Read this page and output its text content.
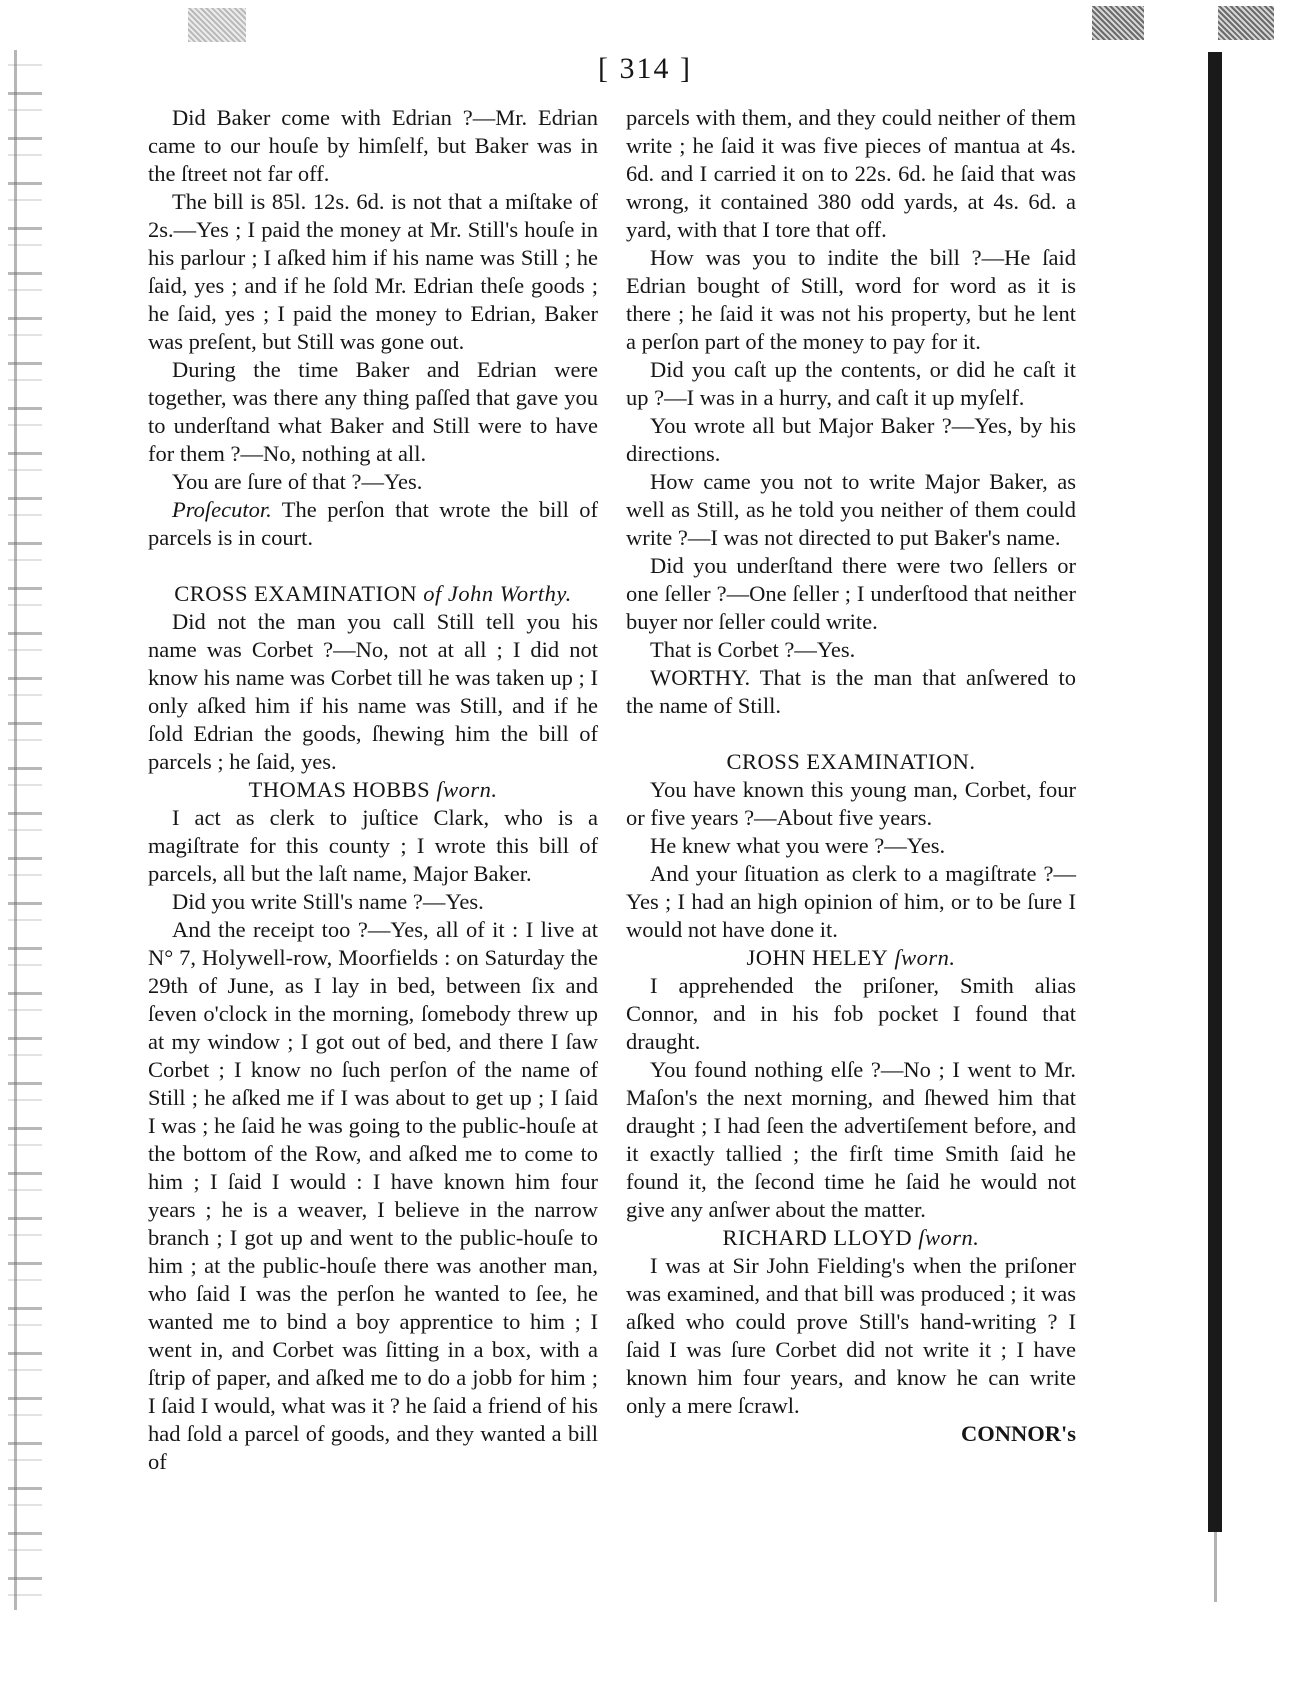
[ 314 ]

Did Baker come with Edrian ?—Mr. Edrian came to our houſe by himſelf, but Baker was in the ſtreet not far off.

The bill is 85l. 12s. 6d. is not that a miſtake of 2s.—Yes ; I paid the money at Mr. Still's houſe in his parlour ; I aſked him if his name was Still ; he ſaid, yes ; and if he ſold Mr. Edrian theſe goods ; he ſaid, yes ; I paid the money to Edrian, Baker was preſent, but Still was gone out.

During the time Baker and Edrian were together, was there any thing paſſed that gave you to underſtand what Baker and Still were to have for them ?—No, nothing at all.

You are ſure of that ?—Yes.

Proſecutor. The perſon that wrote the bill of parcels is in court.

CROSS EXAMINATION of John Worthy.

Did not the man you call Still tell you his name was Corbet ?—No, not at all ; I did not know his name was Corbet till he was taken up ; I only aſked him if his name was Still, and if he ſold Edrian the goods, ſhewing him the bill of parcels ; he ſaid, yes.

THOMAS HOBBS ſworn.

I act as clerk to juſtice Clark, who is a magiſtrate for this county ; I wrote this bill of parcels, all but the laſt name, Major Baker.

Did you write Still's name ?—Yes.

And the receipt too ?—Yes, all of it : I live at N° 7, Holywell-row, Moorfields : on Saturday the 29th of June, as I lay in bed, between ſix and ſeven o'clock in the morning, ſomebody threw up at my window ; I got out of bed, and there I ſaw Corbet ; I know no ſuch perſon of the name of Still ; he aſked me if I was about to get up ; I ſaid I was ; he ſaid he was going to the public-houſe at the bottom of the Row, and aſked me to come to him ; I ſaid I would : I have known him four years ; he is a weaver, I believe in the narrow branch ; I got up and went to the public-houſe to him ; at the public-houſe there was another man, who ſaid I was the perſon he wanted to ſee, he wanted me to bind a boy apprentice to him ; I went in, and Corbet was ſitting in a box, with a ſtrip of paper, and aſked me to do a jobb for him ; I ſaid I would, what was it ? he ſaid a friend of his had ſold a parcel of goods, and they wanted a bill of

parcels with them, and they could neither of them write ; he ſaid it was five pieces of mantua at 4s. 6d. and I carried it on to 22s. 6d. he ſaid that was wrong, it contained 380 odd yards, at 4s. 6d. a yard, with that I tore that off.

How was you to indite the bill ?—He ſaid Edrian bought of Still, word for word as it is there ; he ſaid it was not his property, but he lent a perſon part of the money to pay for it.

Did you caſt up the contents, or did he caſt it up ?—I was in a hurry, and caſt it up myſelf.

You wrote all but Major Baker ?—Yes, by his directions.

How came you not to write Major Baker, as well as Still, as he told you neither of them could write ?—I was not directed to put Baker's name.

Did you underſtand there were two ſellers or one ſeller ?—One ſeller ; I underſtood that neither buyer nor ſeller could write.

That is Corbet ?—Yes.

WORTHY. That is the man that anſwered to the name of Still.

CROSS EXAMINATION.

You have known this young man, Corbet, four or five years ?—About five years.

He knew what you were ?—Yes.

And your ſituation as clerk to a magiſtrate ?—Yes ; I had an high opinion of him, or to be ſure I would not have done it.

JOHN HELEY ſworn.

I apprehended the priſoner, Smith alias Connor, and in his fob pocket I found that draught.

You found nothing elſe ?—No ; I went to Mr. Maſon's the next morning, and ſhewed him that draught ; I had ſeen the advertiſement before, and it exactly tallied ; the firſt time Smith ſaid he found it, the ſecond time he ſaid he would not give any anſwer about the matter.

RICHARD LLOYD ſworn.

I was at Sir John Fielding's when the priſoner was examined, and that bill was produced ; it was aſked who could prove Still's hand-writing ? I ſaid I was ſure Corbet did not write it ; I have known him four years, and know he can write only a mere ſcrawl.

CONNOR's
